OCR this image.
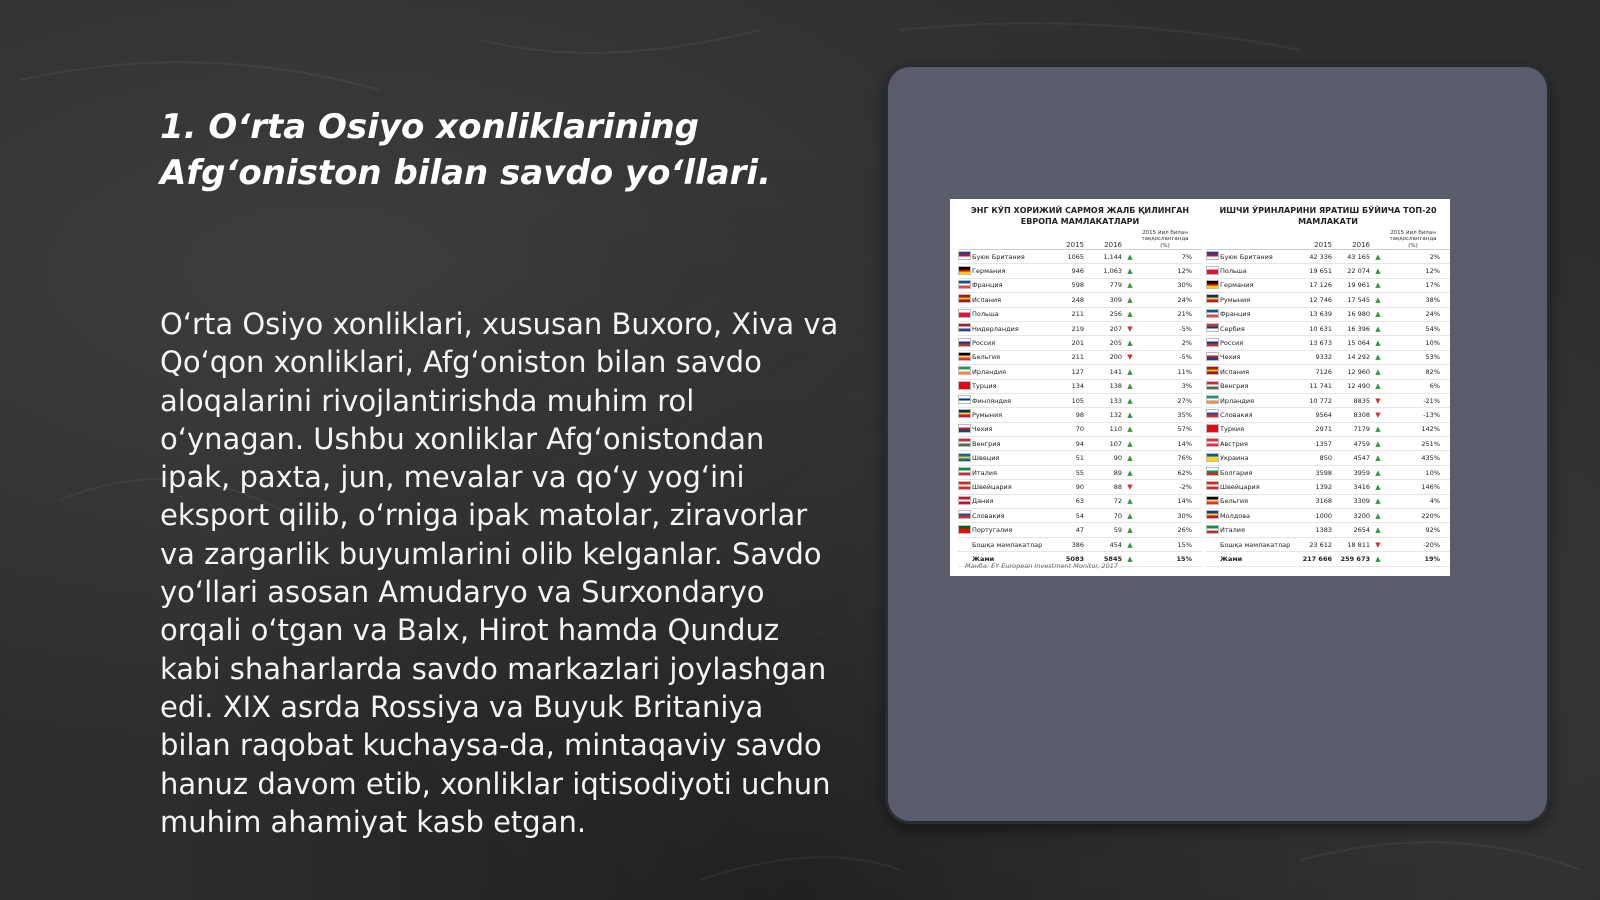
1. O‘rta Osiyo xonliklarining
Afg‘oniston bilan savdo yo‘llari.

O‘rta Osiyo xonliklari, xususan Buxoro, Xiva va Qo‘qon xonliklari, Afg‘oniston bilan savdo aloqalarini rivojlantirishda muhim rol o‘ynagan. Ushbu xonliklar Afg‘onistondan ipak, paxta, jun, mevalar va qo‘y yog‘ini eksport qilib, o‘rniga ipak matolar, ziravorlar va zargarlik buyumlarini olib kelganlar. Savdo yo‘llari asosan Amudaryo va Surxondaryo orqali o‘tgan va Balx, Hirot hamda Qunduz kabi shaharlarda savdo markazlari joylashgan edi. XIX asrda Rossiya va Buyuk Britaniya bilan raqobat kuchaysa-da, mintaqaviy savdo hanuz davom etib, xonliklar iqtisodiyoti uchun muhim ahamiyat kasb etgan.

ЭНГ КЎП ХОРИЖИЙ САРМОЯ ЖАЛБ ҚИЛИНГАН ЕВРОПА МАМЛАКАТЛАРИ
2015	2016
2015 йил билан таққосланганда (%)
Буюк Британия	1065	1,144 ▲	7%
Германия	946	1,063 ▲	12%
Франция	598	779 ▲	30%
Испания	248	309 ▲	24%
Польша	211	256 ▲	21%
Нидерландия	219	207 ▼	-5%
Россия	201	205 ▲	2%
Бельгия	211	200 ▼	-5%
Ирландия	127	141 ▲	11%
Турция	134	138 ▲	3%
Финляндия	105	133 ▲	27%
Румыния	98	132 ▲	35%
Чехия	70	110 ▲	57%
Венгрия	94	107 ▲	14%
Швеция	51	90 ▲	76%
Италия	55	89 ▲	62%
Швейцария	90	88 ▼	-2%
Дания	63	72 ▲	14%
Словакия	54	70 ▲	30%
Португалия	47	59 ▲	26%
Бошқа мамлакатлар	386	454 ▲	15%
Жами	5083	5845 ▲	15%
ИШЧИ ЎРИНЛАРИНИ ЯРАТИШ БЎЙИЧА ТОП-20 МАМЛАКАТИ
2015	2016
2015 йил билан таққосланганда (%)
Буюк Британия	42 336	43 165 ▲	2%
Польша	19 651	22 074 ▲	12%
Германия	17 126	19 961 ▲	17%
Румыния	12 746	17 545 ▲	38%
Франция	13 639	16 980 ▲	24%
Сербия	10 631	16 396 ▲	54%
Россия	13 673	15 064 ▲	10%
Чехия	9332	14 292 ▲	53%
Испания	7126	12 960 ▲	82%
Венгрия	11 741	12 490 ▲	6%
Ирландия	10 772	8835 ▼	-21%
Словакия	9564	8308 ▼	-13%
Туркия	2971	7179 ▲	142%
Австрия	1357	4759 ▲	251%
Украина	850	4547 ▲	435%
Болгария	3598	3959 ▲	10%
Швейцария	1392	3416 ▲	146%
Бельгия	3168	3309 ▲	4%
Молдова	1000	3200 ▲	220%
Италия	1383	2654 ▲	92%
Бошқа мамлакатлар	23 612	18 811 ▼	-20%
Жами	217 666	259 673 ▲	19%
Манба: EY European Investment Monitor, 2017
